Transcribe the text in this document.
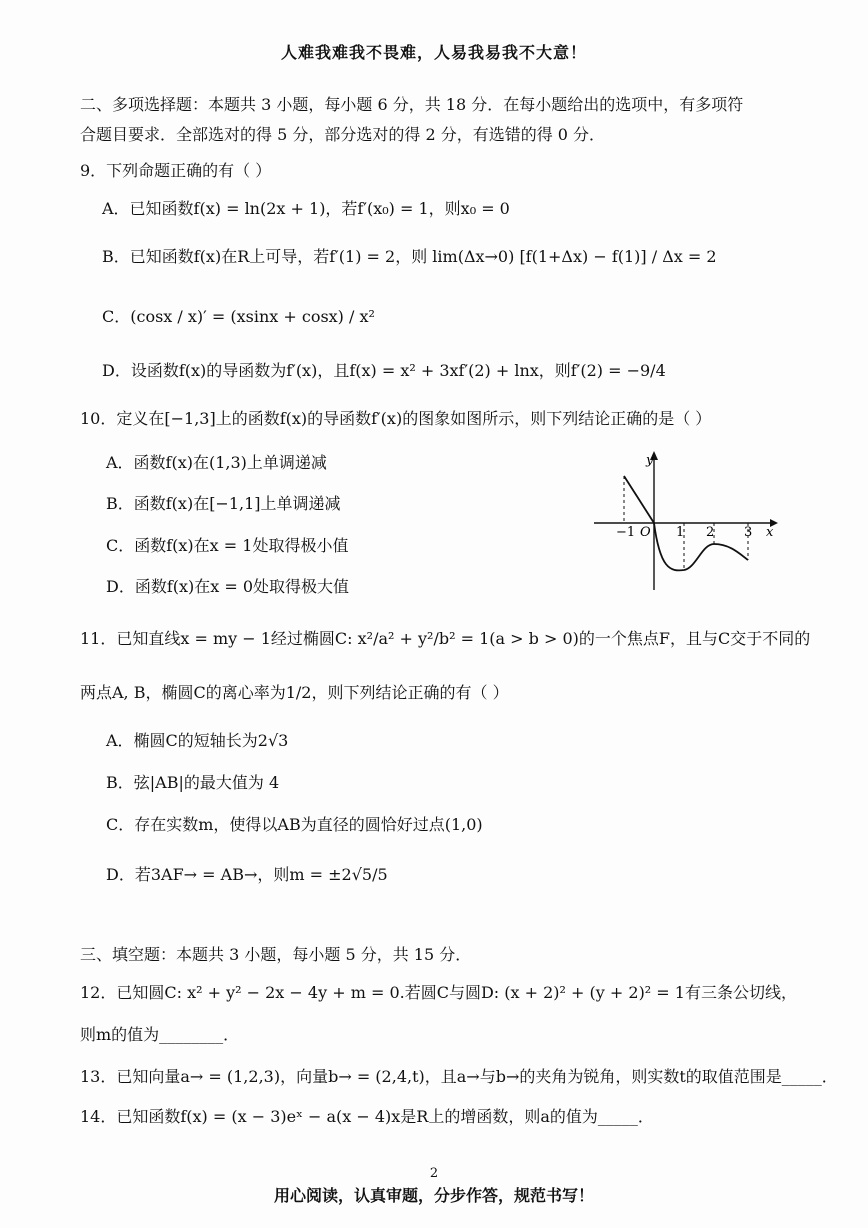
人难我难我不畏难，人易我易我不大意！
二、多项选择题：本题共 3 小题，每小题 6 分，共 18 分．在每小题给出的选项中，有多项符
合题目要求．全部选对的得 5 分，部分选对的得 2 分，有选错的得 0 分．
9．下列命题正确的有（ ）
A．已知函数f(x) = ln(2x + 1)，若f′(x₀) = 1，则x₀ = 0
B．已知函数f(x)在R上可导，若f′(1) = 2，则 lim(Δx→0) [f(1+Δx) − f(1)] / Δx = 2
C．(cosx / x)′ = (xsinx + cosx) / x²
D．设函数f(x)的导函数为f′(x)，且f(x) = x² + 3xf′(2) + lnx，则f′(2) = −9/4
10．定义在[−1,3]上的函数f(x)的导函数f′(x)的图象如图所示，则下列结论正确的是（ ）
A．函数f(x)在(1,3)上单调递减
B．函数f(x)在[−1,1]上单调递减
C．函数f(x)在x = 1处取得极小值
D．函数f(x)在x = 0处取得极大值
y
x
O
−1	1 2 3
11．已知直线x = my − 1经过椭圆C: x²/a² + y²/b² = 1(a > b > 0)的一个焦点F，且与C交于不同的
两点A, B，椭圆C的离心率为1/2，则下列结论正确的有（ ）
A．椭圆C的短轴长为2√3
B．弦|AB|的最大值为 4
C．存在实数m，使得以AB为直径的圆恰好过点(1,0)
D．若3AF→ = AB→，则m = ±2√5/5
三、填空题：本题共 3 小题，每小题 5 分，共 15 分．
12．已知圆C: x² + y² − 2x − 4y + m = 0.若圆C与圆D: (x + 2)² + (y + 2)² = 1有三条公切线，
则m的值为________．
13．已知向量a→ = (1,2,3)，向量b→ = (2,4,t)，且a→与b→的夹角为锐角，则实数t的取值范围是_____．
14．已知函数f(x) = (x − 3)eˣ − a(x − 4)x是R上的增函数，则a的值为_____．
2
用心阅读，认真审题，分步作答，规范书写！
